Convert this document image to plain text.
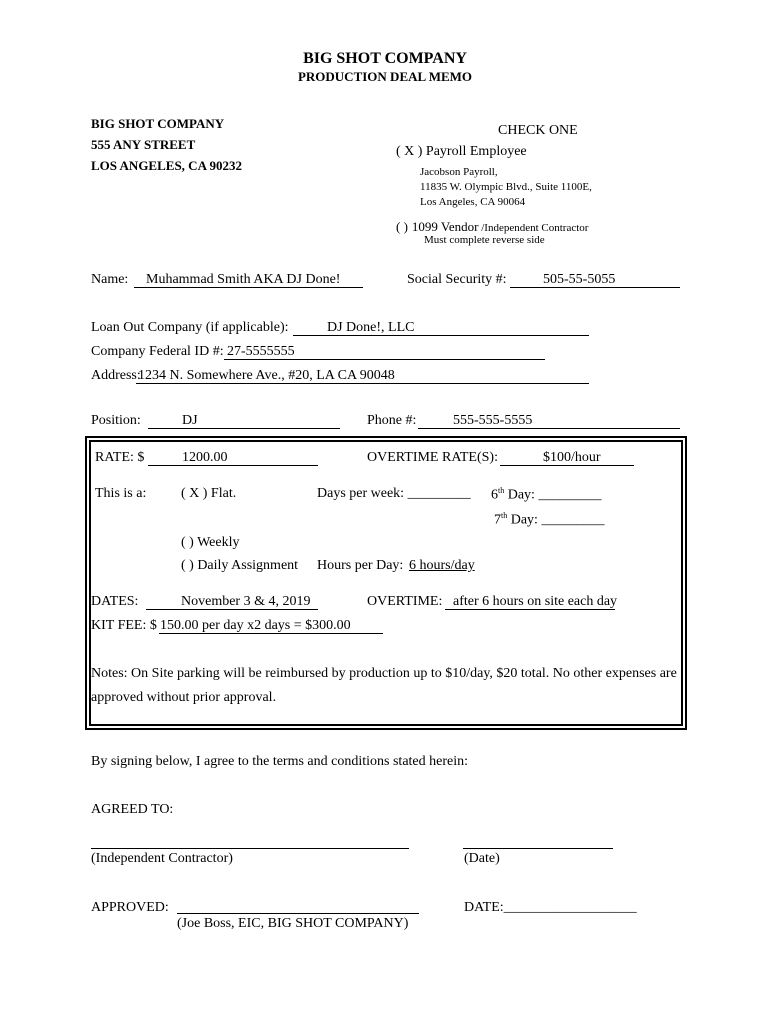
BIG SHOT COMPANY
PRODUCTION DEAL MEMO
BIG SHOT COMPANY
555 ANY STREET
LOS ANGELES, CA 90232
CHECK ONE
( X ) Payroll Employee
Jacobson Payroll,
11835 W. Olympic Blvd., Suite 1100E,
Los Angeles, CA 90064
( ) 1099 Vendor /Independent Contractor
Must complete reverse side
Name: Muhammad Smith AKA DJ Done!	Social Security #:	505-55-5055
Loan Out Company (if applicable):	DJ Done!, LLC
Company Federal ID #: 27-5555555
Address:
1234 N. Somewhere Ave., #20, LA CA 90048
Position:	DJ	Phone #:	555-555-5555
RATE: $	1200.00	OVERTIME RATE(S):	$100/hour
This is a: ( X ) Flat.	Days per week: _________ 6th Day: _________
7th Day: _________
( ) Weekly
( ) Daily Assignment Hours per Day: 6 hours/day
DATES:	November 3 & 4, 2019	OVERTIME: after 6 hours on site each day
KIT FEE: $ 150.00 per day x2 days = $300.00
Notes: On Site parking will be reimbursed by production up to $10/day, $20 total. No other expenses are
approved without prior approval.
By signing below, I agree to the terms and conditions stated herein:
AGREED TO:
(Independent Contractor)	(Date)
APPROVED:
(Joe Boss, EIC, BIG SHOT COMPANY)
DATE:___________________
